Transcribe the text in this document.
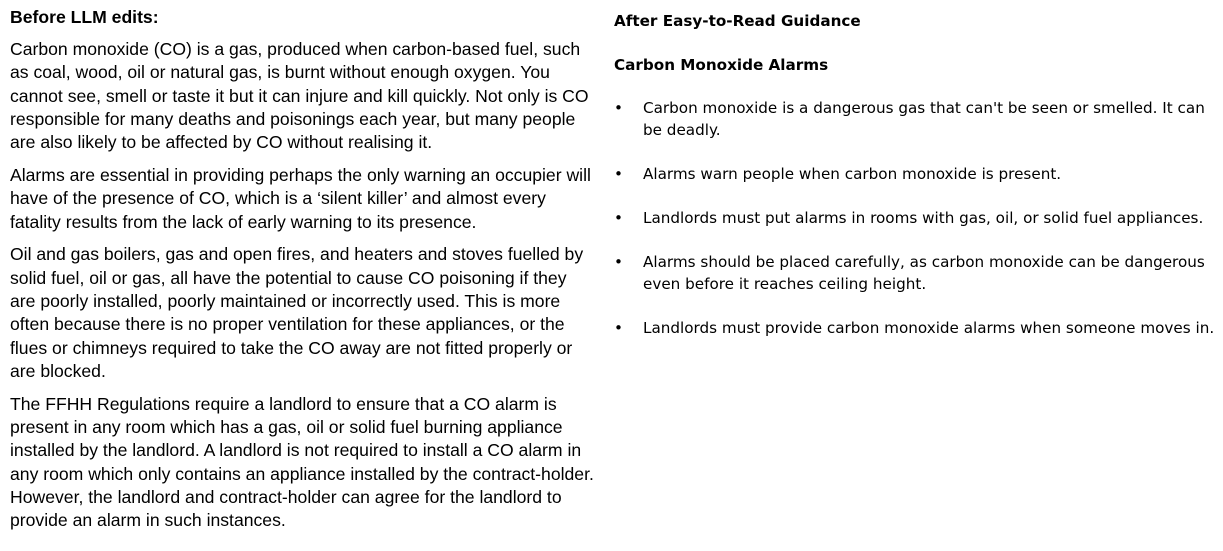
Before LLM edits:

Carbon monoxide (CO) is a gas, produced when carbon-based fuel, such as coal, wood, oil or natural gas, is burnt without enough oxygen. You cannot see, smell or taste it but it can injure and kill quickly. Not only is CO responsible for many deaths and poisonings each year, but many people are also likely to be affected by CO without realising it.

Alarms are essential in providing perhaps the only warning an occupier will have of the presence of CO, which is a ‘silent killer’ and almost every fatality results from the lack of early warning to its presence.

Oil and gas boilers, gas and open fires, and heaters and stoves fuelled by solid fuel, oil or gas, all have the potential to cause CO poisoning if they are poorly installed, poorly maintained or incorrectly used. This is more often because there is no proper ventilation for these appliances, or the flues or chimneys required to take the CO away are not fitted properly or are blocked.

The FFHH Regulations require a landlord to ensure that a CO alarm is present in any room which has a gas, oil or solid fuel burning appliance installed by the landlord. A landlord is not required to install a CO alarm in any room which only contains an appliance installed by the contract-holder. However, the landlord and contract-holder can agree for the landlord to provide an alarm in such instances.

After Easy-to-Read Guidance
Carbon Monoxide Alarms
• Carbon monoxide is a dangerous gas that can't be seen or smelled. It can be deadly.
• Alarms warn people when carbon monoxide is present.
• Landlords must put alarms in rooms with gas, oil, or solid fuel appliances.
• Alarms should be placed carefully, as carbon monoxide can be dangerous even before it reaches ceiling height.
• Landlords must provide carbon monoxide alarms when someone moves in.
